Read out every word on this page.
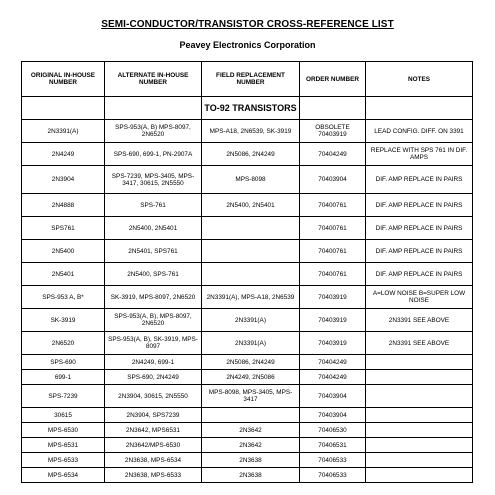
SEMI-CONDUCTOR/TRANSISTOR CROSS-REFERENCE LIST
Peavey Electronics Corporation
ORIGINAL IN-HOUSE NUMBER	ALTERNATE IN-HOUSE NUMBER	FIELD REPLACEMENT NUMBER	ORDER NUMBER	NOTES
		TO-92 TRANSISTORS		
2N3391(A)	SPS-953(A, B) MPS-8097, 2N6520	MPS-A18, 2N6539, SK-3919	OBSOLETE 70403919	LEAD CONFIG. DIFF. ON 3391
2N4249	SPS-690, 699-1, PN-2907A	2N5086, 2N4249	70404249	REPLACE WITH SPS 761 IN DIF. AMPS
2N3904	SPS-7239, MPS-3405, MPS-3417, 30615, 2N5550	MPS-8098	70403904	DIF. AMP REPLACE IN PAIRS
2N4888	SPS-761	2N5400, 2N5401	70400761	DIF. AMP REPLACE IN PAIRS
SPS761	2N5400, 2N5401		70400761	DIF. AMP REPLACE IN PAIRS
2N5400	2N5401, SPS761		70400761	DIF. AMP REPLACE IN PAIRS
2N5401	2N5400, SPS-761		70400761	DIF. AMP REPLACE IN PAIRS
SPS-953 A, B*	SK-3919, MPS-8097, 2N6520	2N3391(A), MPS-A18, 2N6539	70403919	A=LOW NOISE B=SUPER LOW NOISE
SK-3919	SPS-953(A, B), MPS-8097, 2N6520	2N3391(A)	70403919	2N3391 SEE ABOVE
2N6520	SPS-953(A, B), SK-3919, MPS-8097	2N3391(A)	70403919	2N3391 SEE ABOVE
SPS-690	2N4249, 699-1	2N5086, 2N4249	70404249	
699-1	SPS-690, 2N4249	2N4249, 2N5086	70404249	
SPS-7239	2N3904, 30615, 2N5550	MPS-8098, MPS-3405, MPS-3417	70403904	
30615	2N3904, SPS7239		70403904	
MPS-6530	2N3642, MPS6531	2N3642	70406530	
MPS-6531	2N3642/MPS-6530	2N3642	70406531	
MPS-6533	2N3638, MPS-6534	2N3638	70406533	
MPS-6534	2N3638, MPS-6533	2N3638	70406533	
